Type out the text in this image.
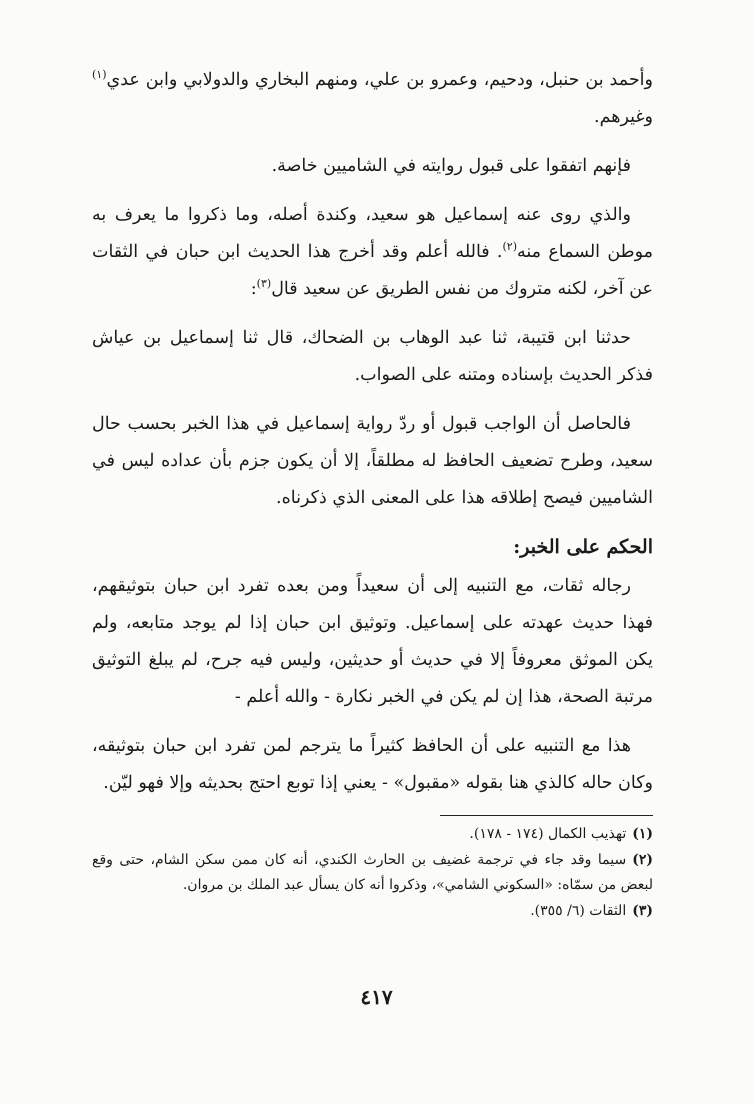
وأحمد بن حنبل، ودحيم، وعمرو بن علي، ومنهم البخاري والدولابي وابن عدي$^{(١)}$ وغيرهم.

فإنهم اتفقوا على قبول روايته في الشاميين خاصة.

والذي روى عنه إسماعيل هو سعيد، وكندة أصله، وما ذكروا ما يعرف به موطن السماع منه$^{(٢)}$. فالله أعلم وقد أخرج هذا الحديث ابن حبان في الثقات عن آخر، لكنه متروك من نفس الطريق عن سعيد قال$^{(٣)}$:

حدثنا ابن قتيبة، ثنا عبد الوهاب بن الضحاك، قال ثنا إسماعيل بن عياش فذكر الحديث بإسناده ومتنه على الصواب.

فالحاصل أن الواجب قبول أو ردّ رواية إسماعيل في هذا الخبر بحسب حال سعيد، وطرح تضعيف الحافظ له مطلقاً، إلا أن يكون جزم بأن عداده ليس في الشاميين فيصح إطلاقه هذا على المعنى الذي ذكرناه.

الحكم على الخبر:

رجاله ثقات، مع التنبيه إلى أن سعيداً ومن بعده تفرد ابن حبان بتوثيقهم، فهذا حديث عهدته على إسماعيل. وتوثيق ابن حبان إذا لم يوجد متابعه، ولم يكن الموثق معروفاً إلا في حديث أو حديثين، وليس فيه جرح، لم يبلغ التوثيق مرتبة الصحة، هذا إن لم يكن في الخبر نكارة - والله أعلم -

هذا مع التنبيه على أن الحافظ كثيراً ما يترجم لمن تفرد ابن حبان بتوثيقه، وكان حاله كالذي هنا بقوله «مقبول» - يعني إذا توبع احتج بحديثه وإلا فهو ليّن.

(١)تهذيب الكمال (١٧٤ - ١٧٨).

(٢)سيما وقد جاء في ترجمة غضيف بن الحارث الكندي، أنه كان ممن سكن الشام، حتى وقع لبعض من سمّاه: «السكوني الشامي»، وذكروا أنه كان يسأل عبد الملك بن مروان.

(٣)الثقات (٦/ ٣٥٥).

٤١٧
